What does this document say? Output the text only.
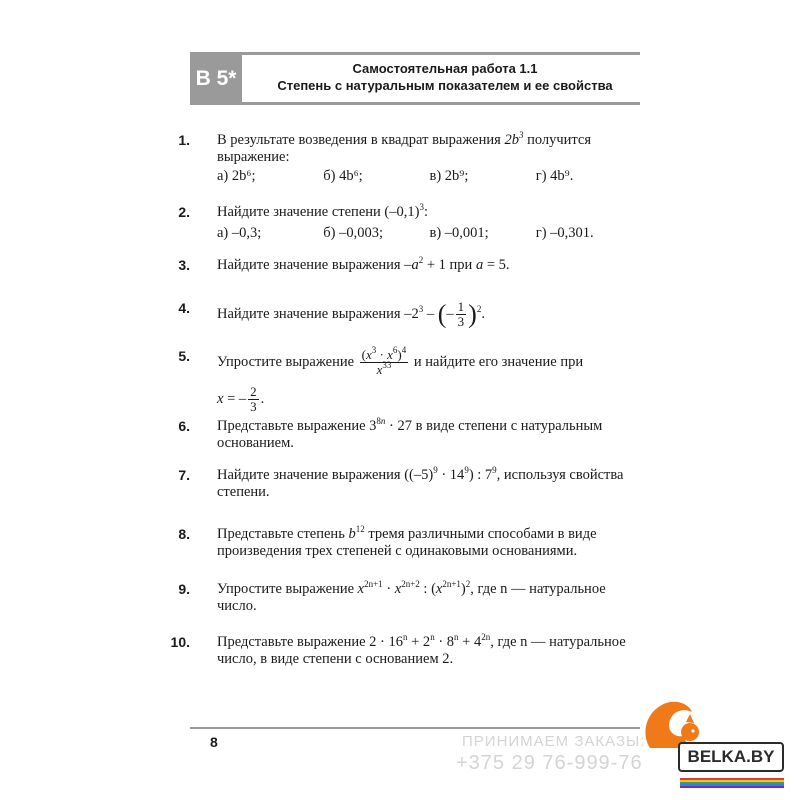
В 5*	Самостоятельная работа 1.1
Степень с натуральным показателем и ее свойства
1. В результате возведения в квадрат выражения $2b^3$ получится выражение:
а) 2b⁶;	б) 4b⁶;	в) 2b⁹;	г) 4b⁹.
2. Найдите значение степени $(-0,1)^3$:
а) –0,3;	б) –0,003;	в) –0,001;	г) –0,301.
3. Найдите значение выражения $-a^2 + 1$ при a = 5.
4. Найдите значение выражения $-2^3$ – (– $\frac{1}{3} )^2$.
5. Упростите выражение $\frac{(x^3 \cdot x^6)^4}{x^{33}}$ и найдите его значение при
x = – $\frac{2}{3}$ .
6. Представьте выражение $3^{8n} \cdot 27$ в виде степени с натуральным основанием.
7. Найдите значение выражения $((-5)^9 \cdot 14^9)$ : $7^9$, используя свойства степени.
8. Представьте степень $b^{12}$ тремя различными способами в виде произведения трех степеней с одинаковыми основаниями.
9. Упростите выражение $x^{2n+1} \cdot x^{2n+2}$ : $(x^{2n+1})^2$, где n — натуральное число.
10. Представьте выражение $2 \cdot 16^n + 2^n \cdot 8^n + 4^{2n}$, где n — натуральное число, в виде степени с основанием 2.
8	ПРИНИМАЕМ ЗАКАЗЫ:
+375 29 76-999-76	BELKA.BY
